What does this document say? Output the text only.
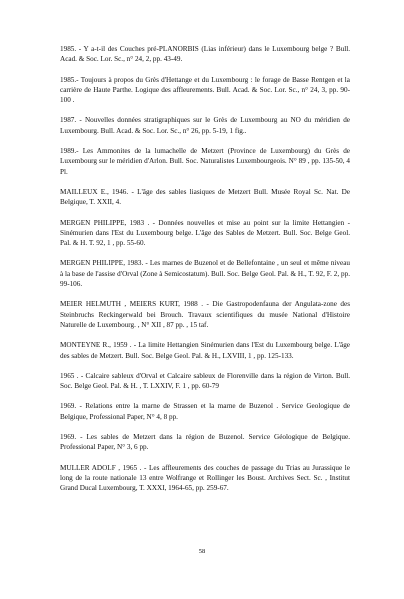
1985. - Y a-t-il des Couches pré-PLANORBIS (Lias inférieur) dans le Luxembourg belge ? Bull. Acad. & Soc. Lor. Sc., n° 24, 2, pp. 43-49.

1985.- Toujours à propos du Grès d'Hettange et du Luxembourg : le forage de Basse Rentgen et la carrière de Haute Parthe. Logique des affleurements. Bull. Acad. & Soc. Lor. Sc., n° 24, 3, pp. 90-100 .

1987. - Nouvelles données stratigraphiques sur le Grès de Luxembourg au NO du méridien de Luxembourg. Bull. Acad. & Soc. Lor. Sc., n° 26, pp. 5-19, 1 fig..

1989.- Les Ammonites de la lumachelle de Metzert (Province de Luxembourg) du Grès de Luxembourg sur le méridien d'Arlon. Bull. Soc. Naturalistes Luxembourgeois. N° 89 , pp. 135-50, 4 Pl.

MAILLEUX E., 1946. - L'âge des sables liasiques de Metzert Bull. Musée Royal Sc. Nat. De Belgique, T. XXII, 4.

MERGEN PHILIPPE, 1983 . - Données nouvelles et mise au point sur la limite Hettangien -Sinémurien dans l'Est du Luxembourg belge. L'âge des Sables de Metzert. Bull. Soc. Belge Geol. Pal. & H. T. 92, 1 , pp. 55-60.

MERGEN PHILIPPE, 1983. - Les marnes de Buzenol et de Bellefontaine , un seul et même niveau à la base de l'assise d'Orval (Zone à Semicostatum). Bull. Soc. Belge Geol. Pal. & H., T. 92, F. 2, pp. 99-106.

MEIER HELMUTH , MEIERS KURT, 1988 . - Die Gastropodenfauna der Angulata-zone des Steinbruchs Reckingerwald bei Brouch. Travaux scientifiques du musée National d'Histoire Naturelle de Luxembourg. , N° XII , 87 pp. , 15 taf.

MONTEYNE R., 1959 . - La limite Hettangien Sinémurien dans l'Est du Luxembourg belge. L'âge des sables de Metzert. Bull. Soc. Belge Geol. Pal. & H., LXVIII, 1 , pp. 125-133.

1965 . - Calcaire sableux d'Orval et Calcaire sableux de Florenville dans la région de Virton. Bull. Soc. Belge Geol. Pal. & H. , T. LXXIV, F. 1 , pp. 60-79

1969. - Relations entre la marne de Strassen et la marne de Buzenol . Service Geologique de Belgique, Professional Paper, N° 4, 8 pp.

1969. - Les sables de Metzert dans la région de Buzenol. Service Géologique de Belgique. Professional Paper, N° 3, 6 pp.

MULLER ADOLF , 1965 . - Les affleurements des couches de passage du Trias au Jurassique le long de la route nationale 13 entre Wolfrange et Rollinger les Boust. Archives Sect. Sc. , Institut Grand Ducal Luxembourg, T. XXXI, 1964-65, pp. 259-67.

58
